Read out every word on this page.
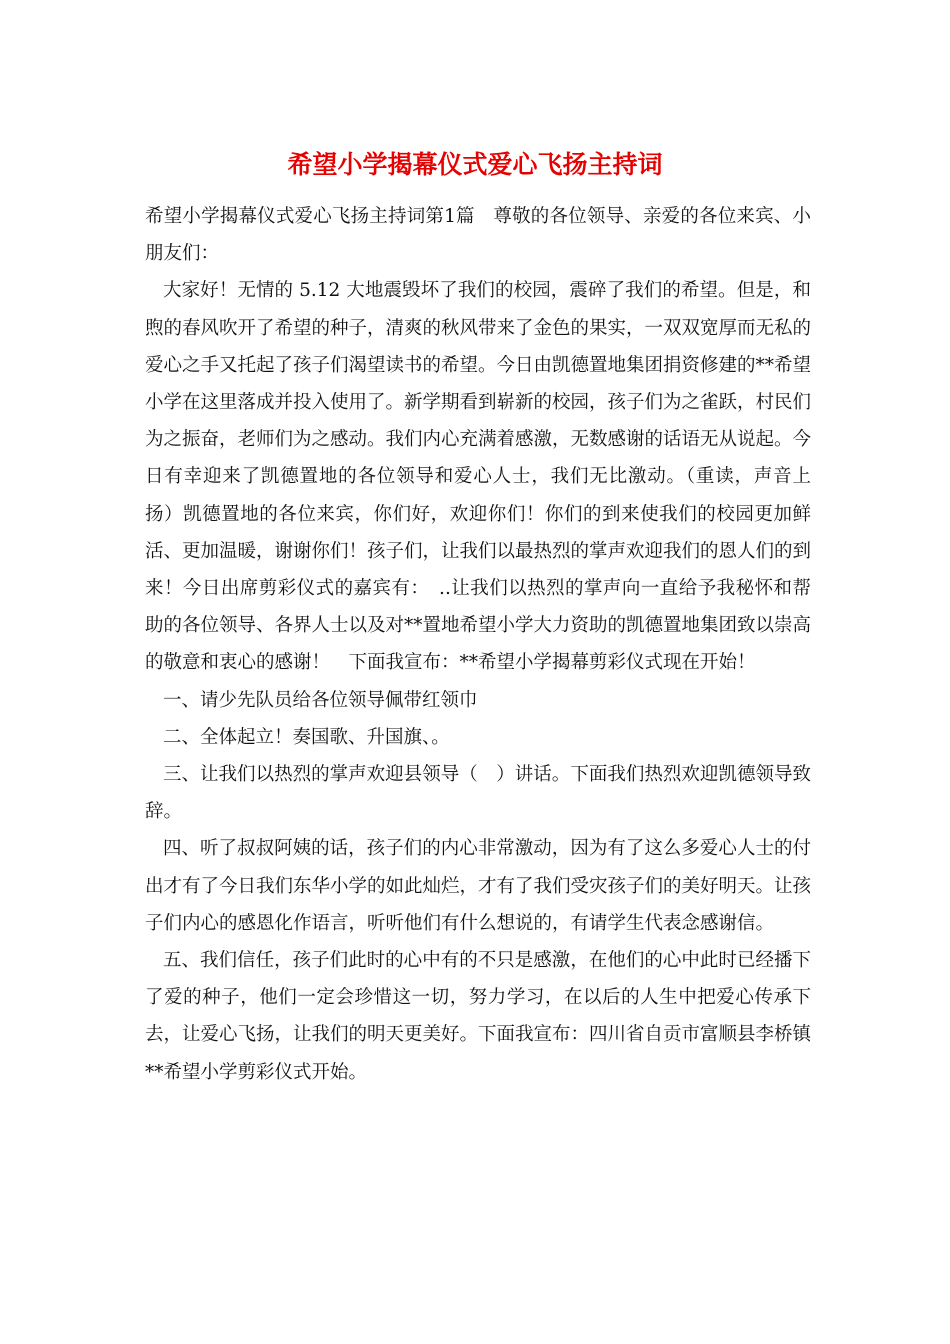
希望小学揭幕仪式爱心飞扬主持词

希望小学揭幕仪式爱心飞扬主持词第1篇　尊敬的各位领导、亲爱的各位来宾、小朋友们：

大家好！无情的 5.12 大地震毁坏了我们的校园，震碎了我们的希望。但是，和煦的春风吹开了希望的种子，清爽的秋风带来了金色的果实，一双双宽厚而无私的爱心之手又托起了孩子们渴望读书的希望。今日由凯德置地集团捐资修建的**希望小学在这里落成并投入使用了。新学期看到崭新的校园，孩子们为之雀跃，村民们为之振奋，老师们为之感动。我们内心充满着感激，无数感谢的话语无从说起。今日有幸迎来了凯德置地的各位领导和爱心人士，我们无比激动。（重读，声音上扬）凯德置地的各位来宾，你们好，欢迎你们！你们的到来使我们的校园更加鲜活、更加温暖，谢谢你们！孩子们，让我们以最热烈的掌声欢迎我们的恩人们的到来！今日出席剪彩仪式的嘉宾有：　..让我们以热烈的掌声向一直给予我秘怀和帮助的各位领导、各界人士以及对**置地希望小学大力资助的凯德置地集团致以崇高的敬意和衷心的感谢！　下面我宣布：**希望小学揭幕剪彩仪式现在开始！

一、请少先队员给各位领导佩带红领巾

二、全体起立！奏国歌、升国旗、。

三、让我们以热烈的掌声欢迎县领导（　）讲话。下面我们热烈欢迎凯德领导致辞。

四、听了叔叔阿姨的话，孩子们的内心非常激动，因为有了这么多爱心人士的付出才有了今日我们东华小学的如此灿烂，才有了我们受灾孩子们的美好明天。让孩子们内心的感恩化作语言，听听他们有什么想说的，有请学生代表念感谢信。

五、我们信任，孩子们此时的心中有的不只是感激，在他们的心中此时已经播下了爱的种子，他们一定会珍惜这一切，努力学习，在以后的人生中把爱心传承下去，让爱心飞扬，让我们的明天更美好。下面我宣布：四川省自贡市富顺县李桥镇**希望小学剪彩仪式开始。
